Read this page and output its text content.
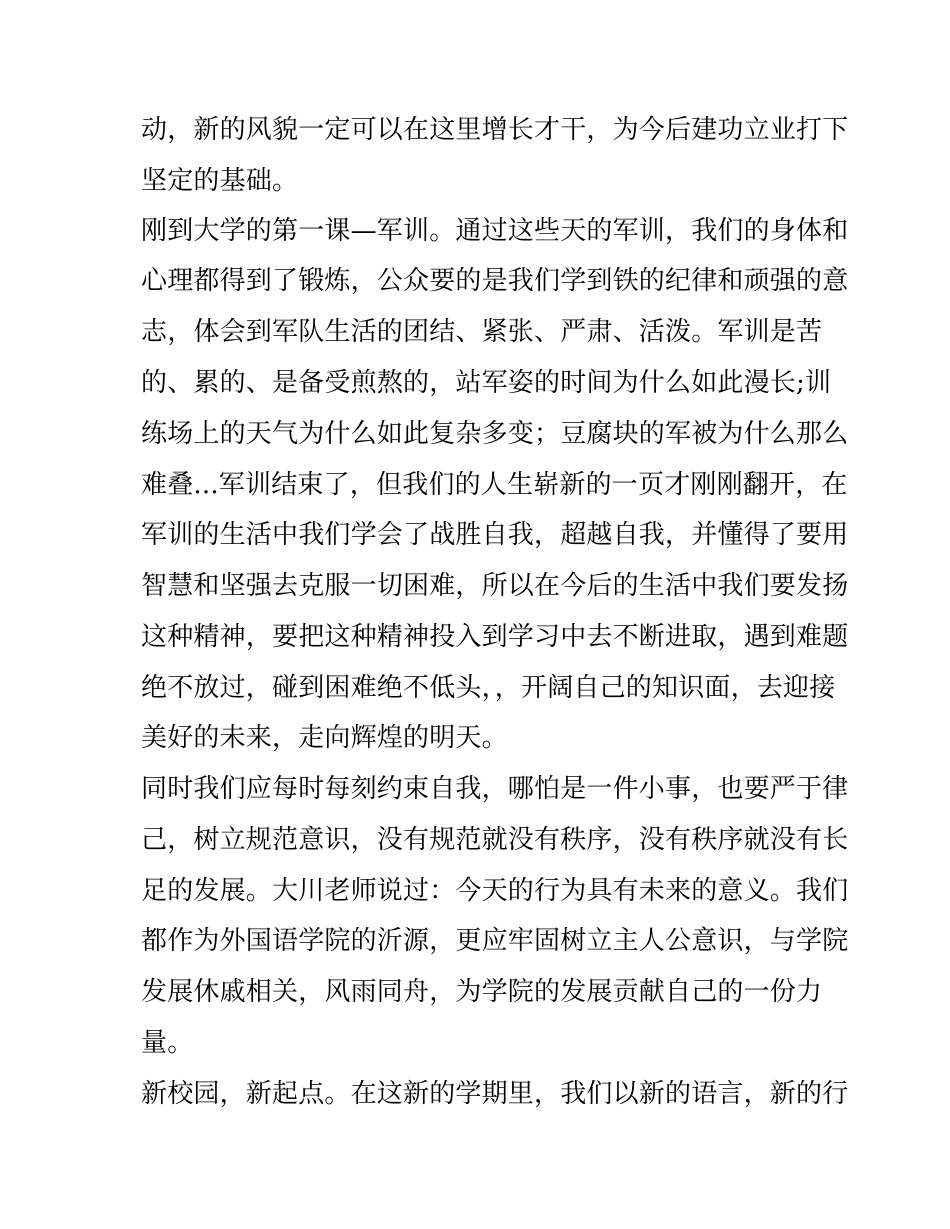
动，新的风貌一定可以在这里增长才干，为今后建功立业打下
坚定的基础。
刚到大学的第一课—军训。通过这些天的军训，我们的身体和
心理都得到了锻炼，公众要的是我们学到铁的纪律和顽强的意
志，体会到军队生活的团结、紧张、严肃、活泼。军训是苦
的、累的、是备受煎熬的，站军姿的时间为什么如此漫长;训
练场上的天气为什么如此复杂多变；豆腐块的军被为什么那么
难叠...军训结束了，但我们的人生崭新的一页才刚刚翻开，在
军训的生活中我们学会了战胜自我，超越自我，并懂得了要用
智慧和坚强去克服一切困难，所以在今后的生活中我们要发扬
这种精神，要把这种精神投入到学习中去不断进取，遇到难题
绝不放过，碰到困难绝不低头，，开阔自己的知识面，去迎接
美好的未来，走向辉煌的明天。
同时我们应每时每刻约束自我，哪怕是一件小事，也要严于律
己，树立规范意识，没有规范就没有秩序，没有秩序就没有长
足的发展。大川老师说过：今天的行为具有未来的意义。我们
都作为外国语学院的沂源，更应牢固树立主人公意识，与学院
发展休戚相关，风雨同舟，为学院的发展贡献自己的一份力
量。
新校园，新起点。在这新的学期里，我们以新的语言，新的行
